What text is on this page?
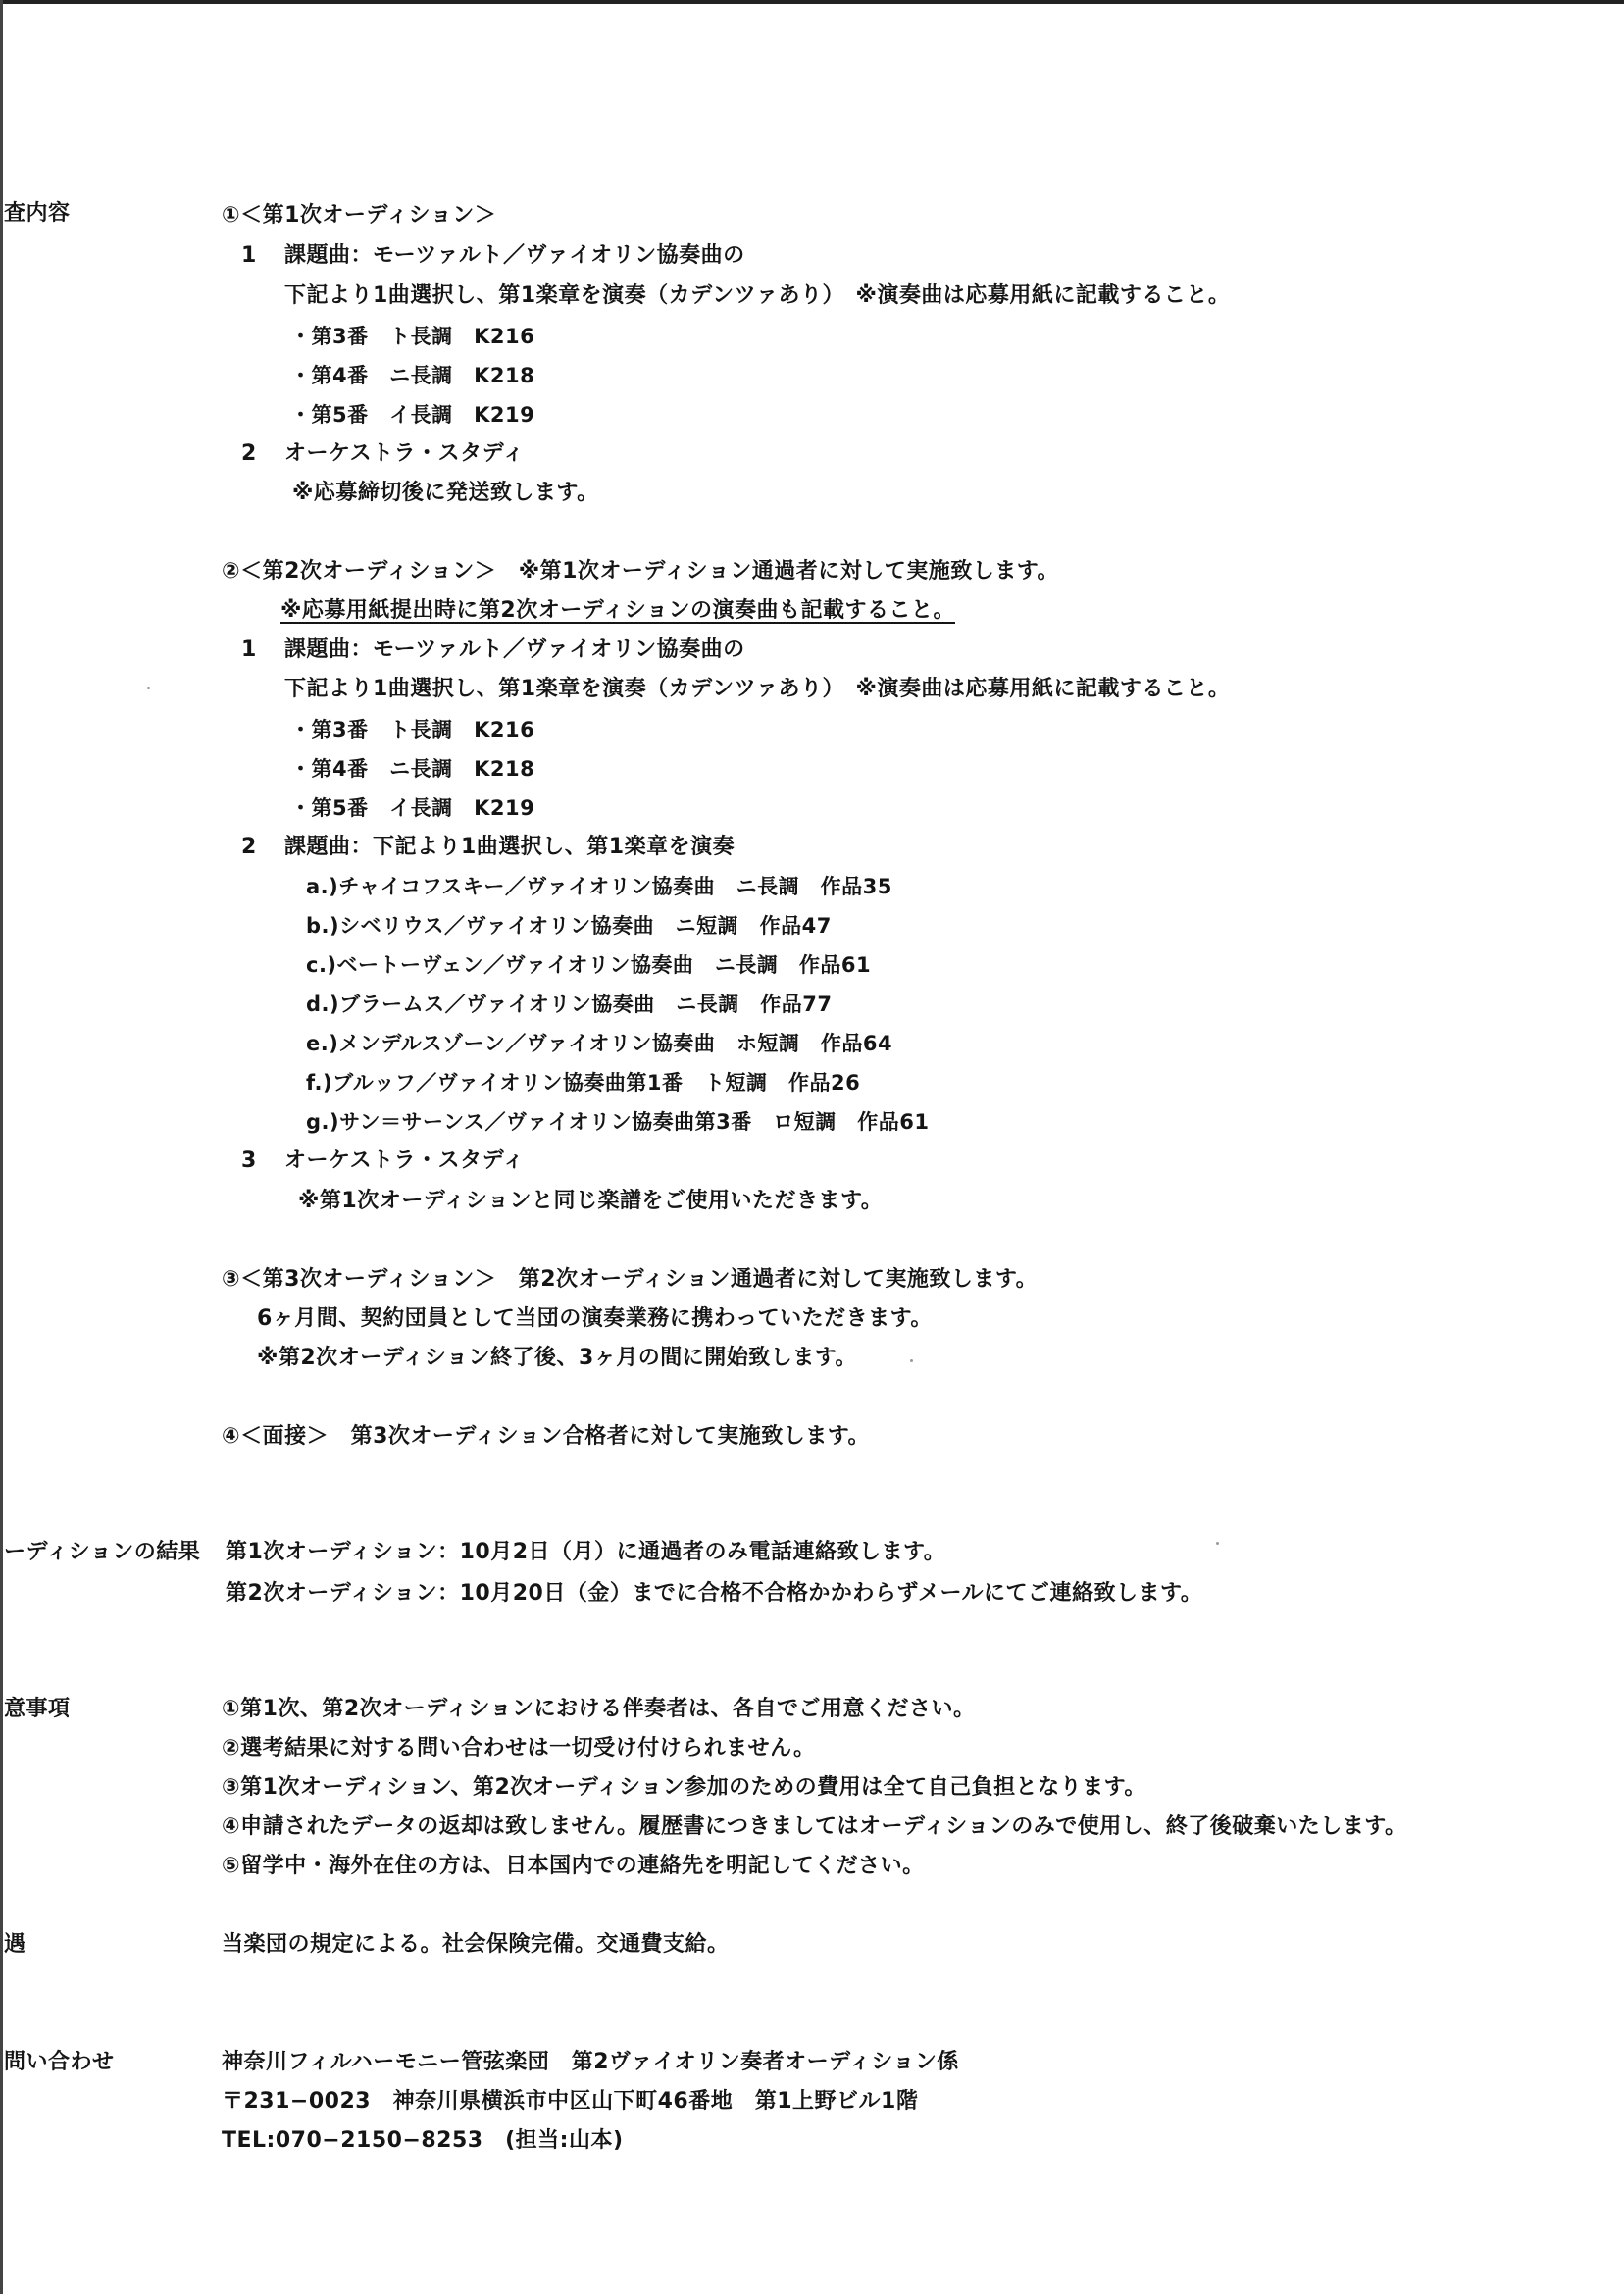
査内容	①＜第1次オーディション＞
1 課題曲：モーツァルト／ヴァイオリン協奏曲の
下記より1曲選択し、第1楽章を演奏（カデンツァあり）　※演奏曲は応募用紙に記載すること。
・第3番　ト長調　K216
・第4番　ニ長調　K218
・第5番　イ長調　K219
2 オーケストラ・スタディ
※応募締切後に発送致します。
②＜第2次オーディション＞　※第1次オーディション通過者に対して実施致します。
※応募用紙提出時に第2次オーディションの演奏曲も記載すること。
1 課題曲：モーツァルト／ヴァイオリン協奏曲の
下記より1曲選択し、第1楽章を演奏（カデンツァあり）　※演奏曲は応募用紙に記載すること。
・第3番　ト長調　K216
・第4番　ニ長調　K218
・第5番　イ長調　K219
2 課題曲：下記より1曲選択し、第1楽章を演奏
a.)チャイコフスキー／ヴァイオリン協奏曲　ニ長調　作品35
b.)シベリウス／ヴァイオリン協奏曲　ニ短調　作品47
c.)ベートーヴェン／ヴァイオリン協奏曲　ニ長調　作品61
d.)ブラームス／ヴァイオリン協奏曲　ニ長調　作品77
e.)メンデルスゾーン／ヴァイオリン協奏曲　ホ短調　作品64
f.)ブルッフ／ヴァイオリン協奏曲第1番　ト短調　作品26
g.)サン＝サーンス／ヴァイオリン協奏曲第3番　ロ短調　作品61
3 オーケストラ・スタディ
※第1次オーディションと同じ楽譜をご使用いただきます。
③＜第3次オーディション＞　第2次オーディション通過者に対して実施致します。
6ヶ月間、契約団員として当団の演奏業務に携わっていただきます。
※第2次オーディション終了後、3ヶ月の間に開始致します。
④＜面接＞　第3次オーディション合格者に対して実施致します。
ーディションの結果 第1次オーディション：10月2日（月）に通過者のみ電話連絡致します。
第2次オーディション：10月20日（金）までに合格不合格かかわらずメールにてご連絡致します。
意事項	①第1次、第2次オーディションにおける伴奏者は、各自でご用意ください。
②選考結果に対する問い合わせは一切受け付けられません。
③第1次オーディション、第2次オーディション参加のための費用は全て自己負担となります。
④申請されたデータの返却は致しません。履歴書につきましてはオーディションのみで使用し、終了後破棄いたします。
⑤留学中・海外在住の方は、日本国内での連絡先を明記してください。
遇	当楽団の規定による。社会保険完備。交通費支給。
問い合わせ	神奈川フィルハーモニー管弦楽団　第2ヴァイオリン奏者オーディション係
〒231−0023　神奈川県横浜市中区山下町46番地　第1上野ビル1階
TEL:070−2150−8253　(担当:山本)
